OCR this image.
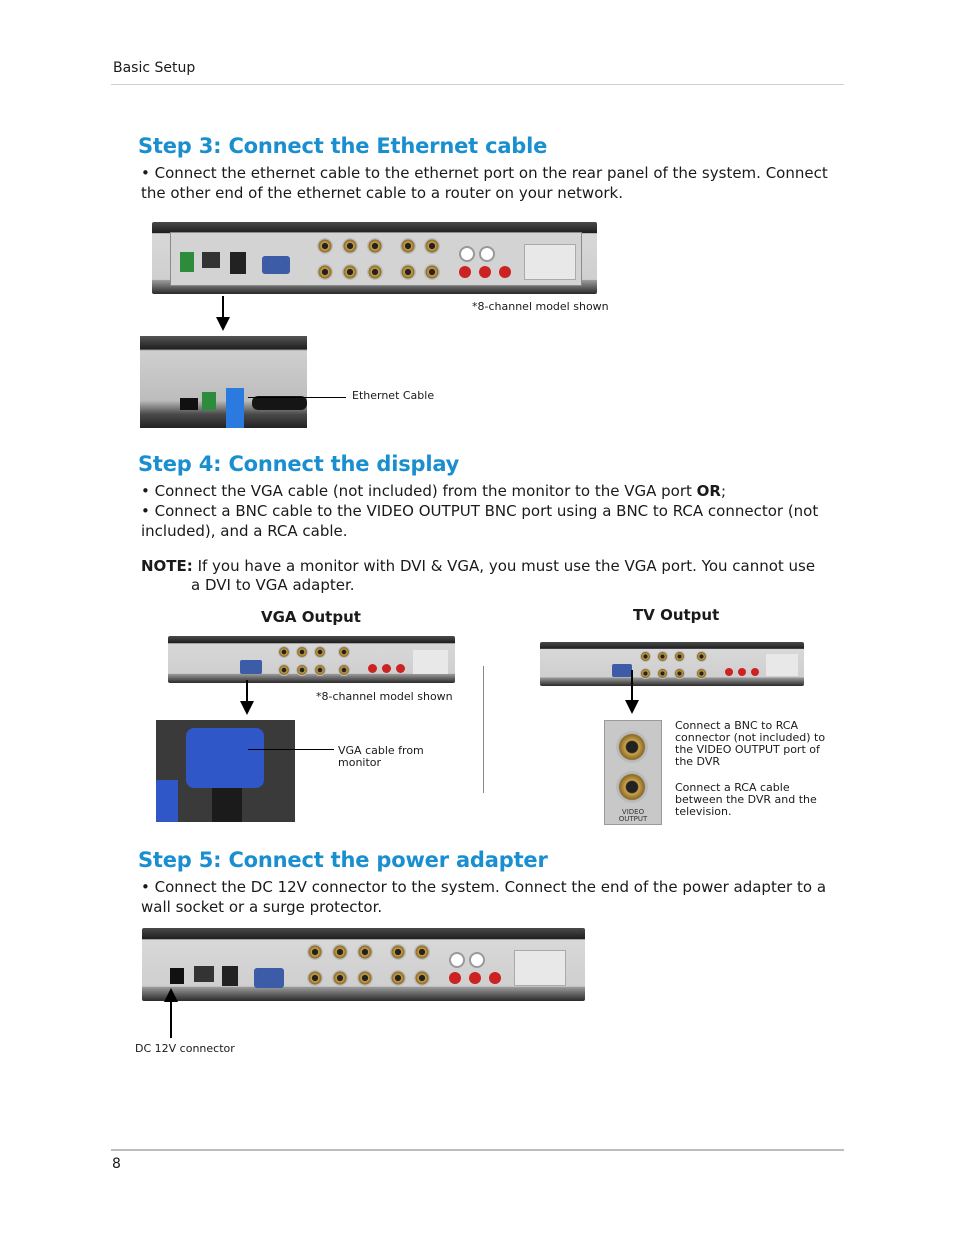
Basic Setup
Step 3: Connect the Ethernet cable
• Connect the ethernet cable to the ethernet port on the rear panel of the system. Connect the other end of the ethernet cable to a router on your network.
*8-channel model shown
Ethernet Cable
Step 4: Connect the display
• Connect the VGA cable (not included) from the monitor to the VGA port OR;
• Connect a BNC cable to the VIDEO OUTPUT BNC port using a BNC to RCA connector (not included), and a RCA cable.
NOTE: If you have a monitor with DVI & VGA, you must use the VGA port. You cannot use a DVI to VGA adapter.
VGA Output	TV Output
*8-channel model shown
VGA cable from monitor
VIDEO OUTPUT
Connect a BNC to RCA connector (not included) to the VIDEO OUTPUT port of the DVR
Connect a RCA cable between the DVR and the television.
Step 5: Connect the power adapter
• Connect the DC 12V connector to the system. Connect the end of the power adapter to a wall socket or a surge protector.
DC 12V connector
8
